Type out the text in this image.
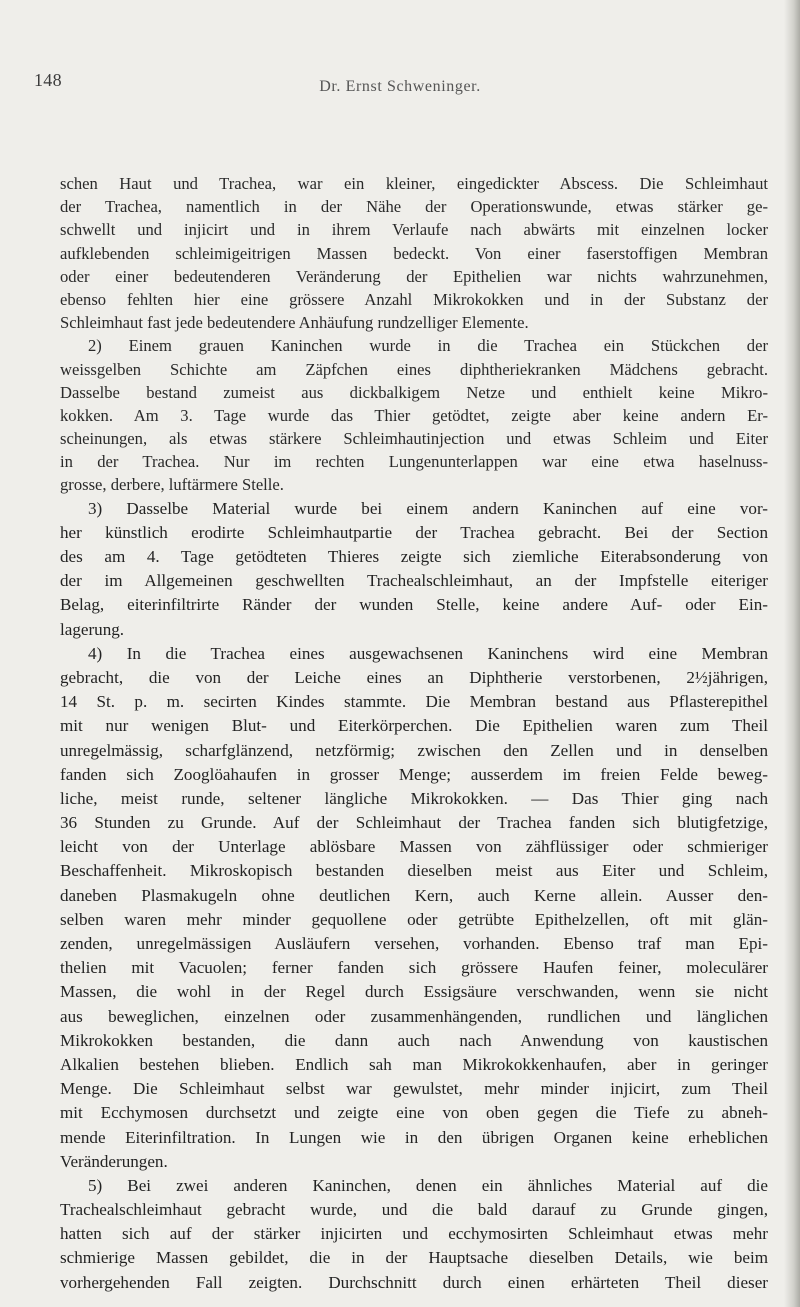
148	Dr. Ernst Schweninger.
schen Haut und Trachea, war ein kleiner, eingedickter Abscess. Die Schleimhaut
der Trachea, namentlich in der Nähe der Operationswunde, etwas stärker ge-
schwellt und injicirt und in ihrem Verlaufe nach abwärts mit einzelnen locker
aufklebenden schleimigeitrigen Massen bedeckt. Von einer faserstoffigen Membran
oder einer bedeutenderen Veränderung der Epithelien war nichts wahrzunehmen,
ebenso fehlten hier eine grössere Anzahl Mikrokokken und in der Substanz der
Schleimhaut fast jede bedeutendere Anhäufung rundzelliger Elemente.
2) Einem grauen Kaninchen wurde in die Trachea ein Stückchen der
weissgelben Schichte am Zäpfchen eines diphtheriekranken Mädchens gebracht.
Dasselbe bestand zumeist aus dickbalkigem Netze und enthielt keine Mikro-
kokken. Am 3. Tage wurde das Thier getödtet, zeigte aber keine andern Er-
scheinungen, als etwas stärkere Schleimhautinjection und etwas Schleim und Eiter
in der Trachea. Nur im rechten Lungenunterlappen war eine etwa haselnuss-
grosse, derbere, luftärmere Stelle.
3) Dasselbe Material wurde bei einem andern Kaninchen auf eine vor-
her künstlich erodirte Schleimhautpartie der Trachea gebracht. Bei der Section
des am 4. Tage getödteten Thieres zeigte sich ziemliche Eiterabsonderung von
der im Allgemeinen geschwellten Trachealschleimhaut, an der Impfstelle eiteriger
Belag, eiterinfiltrirte Ränder der wunden Stelle, keine andere Auf- oder Ein-
lagerung.
4) In die Trachea eines ausgewachsenen Kaninchens wird eine Membran
gebracht, die von der Leiche eines an Diphtherie verstorbenen, 2½jährigen,
14 St. p. m. secirten Kindes stammte. Die Membran bestand aus Pflasterepithel
mit nur wenigen Blut- und Eiterkörperchen. Die Epithelien waren zum Theil
unregelmässig, scharfglänzend, netzförmig; zwischen den Zellen und in denselben
fanden sich Zooglöahaufen in grosser Menge; ausserdem im freien Felde beweg-
liche, meist runde, seltener längliche Mikrokokken. — Das Thier ging nach
36 Stunden zu Grunde. Auf der Schleimhaut der Trachea fanden sich blutigfetzige,
leicht von der Unterlage ablösbare Massen von zähflüssiger oder schmieriger
Beschaffenheit. Mikroskopisch bestanden dieselben meist aus Eiter und Schleim,
daneben Plasmakugeln ohne deutlichen Kern, auch Kerne allein. Ausser den-
selben waren mehr minder gequollene oder getrübte Epithelzellen, oft mit glän-
zenden, unregelmässigen Ausläufern versehen, vorhanden. Ebenso traf man Epi-
thelien mit Vacuolen; ferner fanden sich grössere Haufen feiner, moleculärer
Massen, die wohl in der Regel durch Essigsäure verschwanden, wenn sie nicht
aus beweglichen, einzelnen oder zusammenhängenden, rundlichen und länglichen
Mikrokokken bestanden, die dann auch nach Anwendung von kaustischen
Alkalien bestehen blieben. Endlich sah man Mikrokokkenhaufen, aber in geringer
Menge. Die Schleimhaut selbst war gewulstet, mehr minder injicirt, zum Theil
mit Ecchymosen durchsetzt und zeigte eine von oben gegen die Tiefe zu abneh-
mende Eiterinfiltration. In Lungen wie in den übrigen Organen keine erheblichen
Veränderungen.
5) Bei zwei anderen Kaninchen, denen ein ähnliches Material auf die
Trachealschleimhaut gebracht wurde, und die bald darauf zu Grunde gingen,
hatten sich auf der stärker injicirten und ecchymosirten Schleimhaut etwas mehr
schmierige Massen gebildet, die in der Hauptsache dieselben Details, wie beim
vorhergehenden Fall zeigten. Durchschnitt durch einen erhärteten Theil dieser
